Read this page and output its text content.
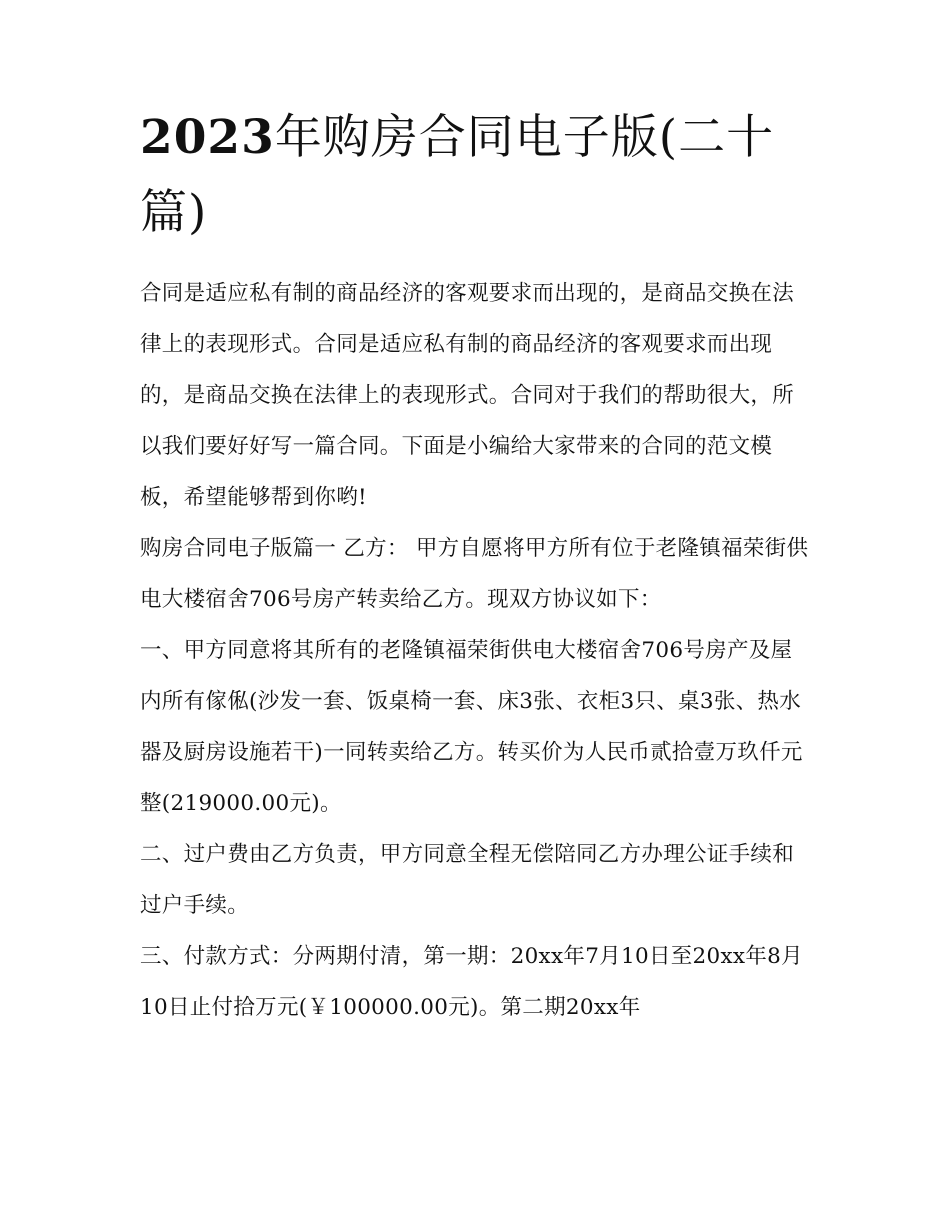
2023年购房合同电子版(二十篇)

合同是适应私有制的商品经济的客观要求而出现的，是商品交换在法律上的表现形式。合同是适应私有制的商品经济的客观要求而出现的，是商品交换在法律上的表现形式。合同对于我们的帮助很大，所以我们要好好写一篇合同。下面是小编给大家带来的合同的范文模板，希望能够帮到你哟!

购房合同电子版篇一 乙方： 甲方自愿将甲方所有位于老隆镇福荣街供电大楼宿舍706号房产转卖给乙方。现双方协议如下：

一、甲方同意将其所有的老隆镇福荣街供电大楼宿舍706号房产及屋内所有傢俬(沙发一套、饭桌椅一套、床3张、衣柜3只、桌3张、热水器及厨房设施若干)一同转卖给乙方。转买价为人民币贰拾壹万玖仟元整(219000.00元)。

二、过户费由乙方负责，甲方同意全程无偿陪同乙方办理公证手续和过户手续。

三、付款方式：分两期付清，第一期：20xx年7月10日至20xx年8月10日止付拾万元(￥100000.00元)。第二期20xx年
